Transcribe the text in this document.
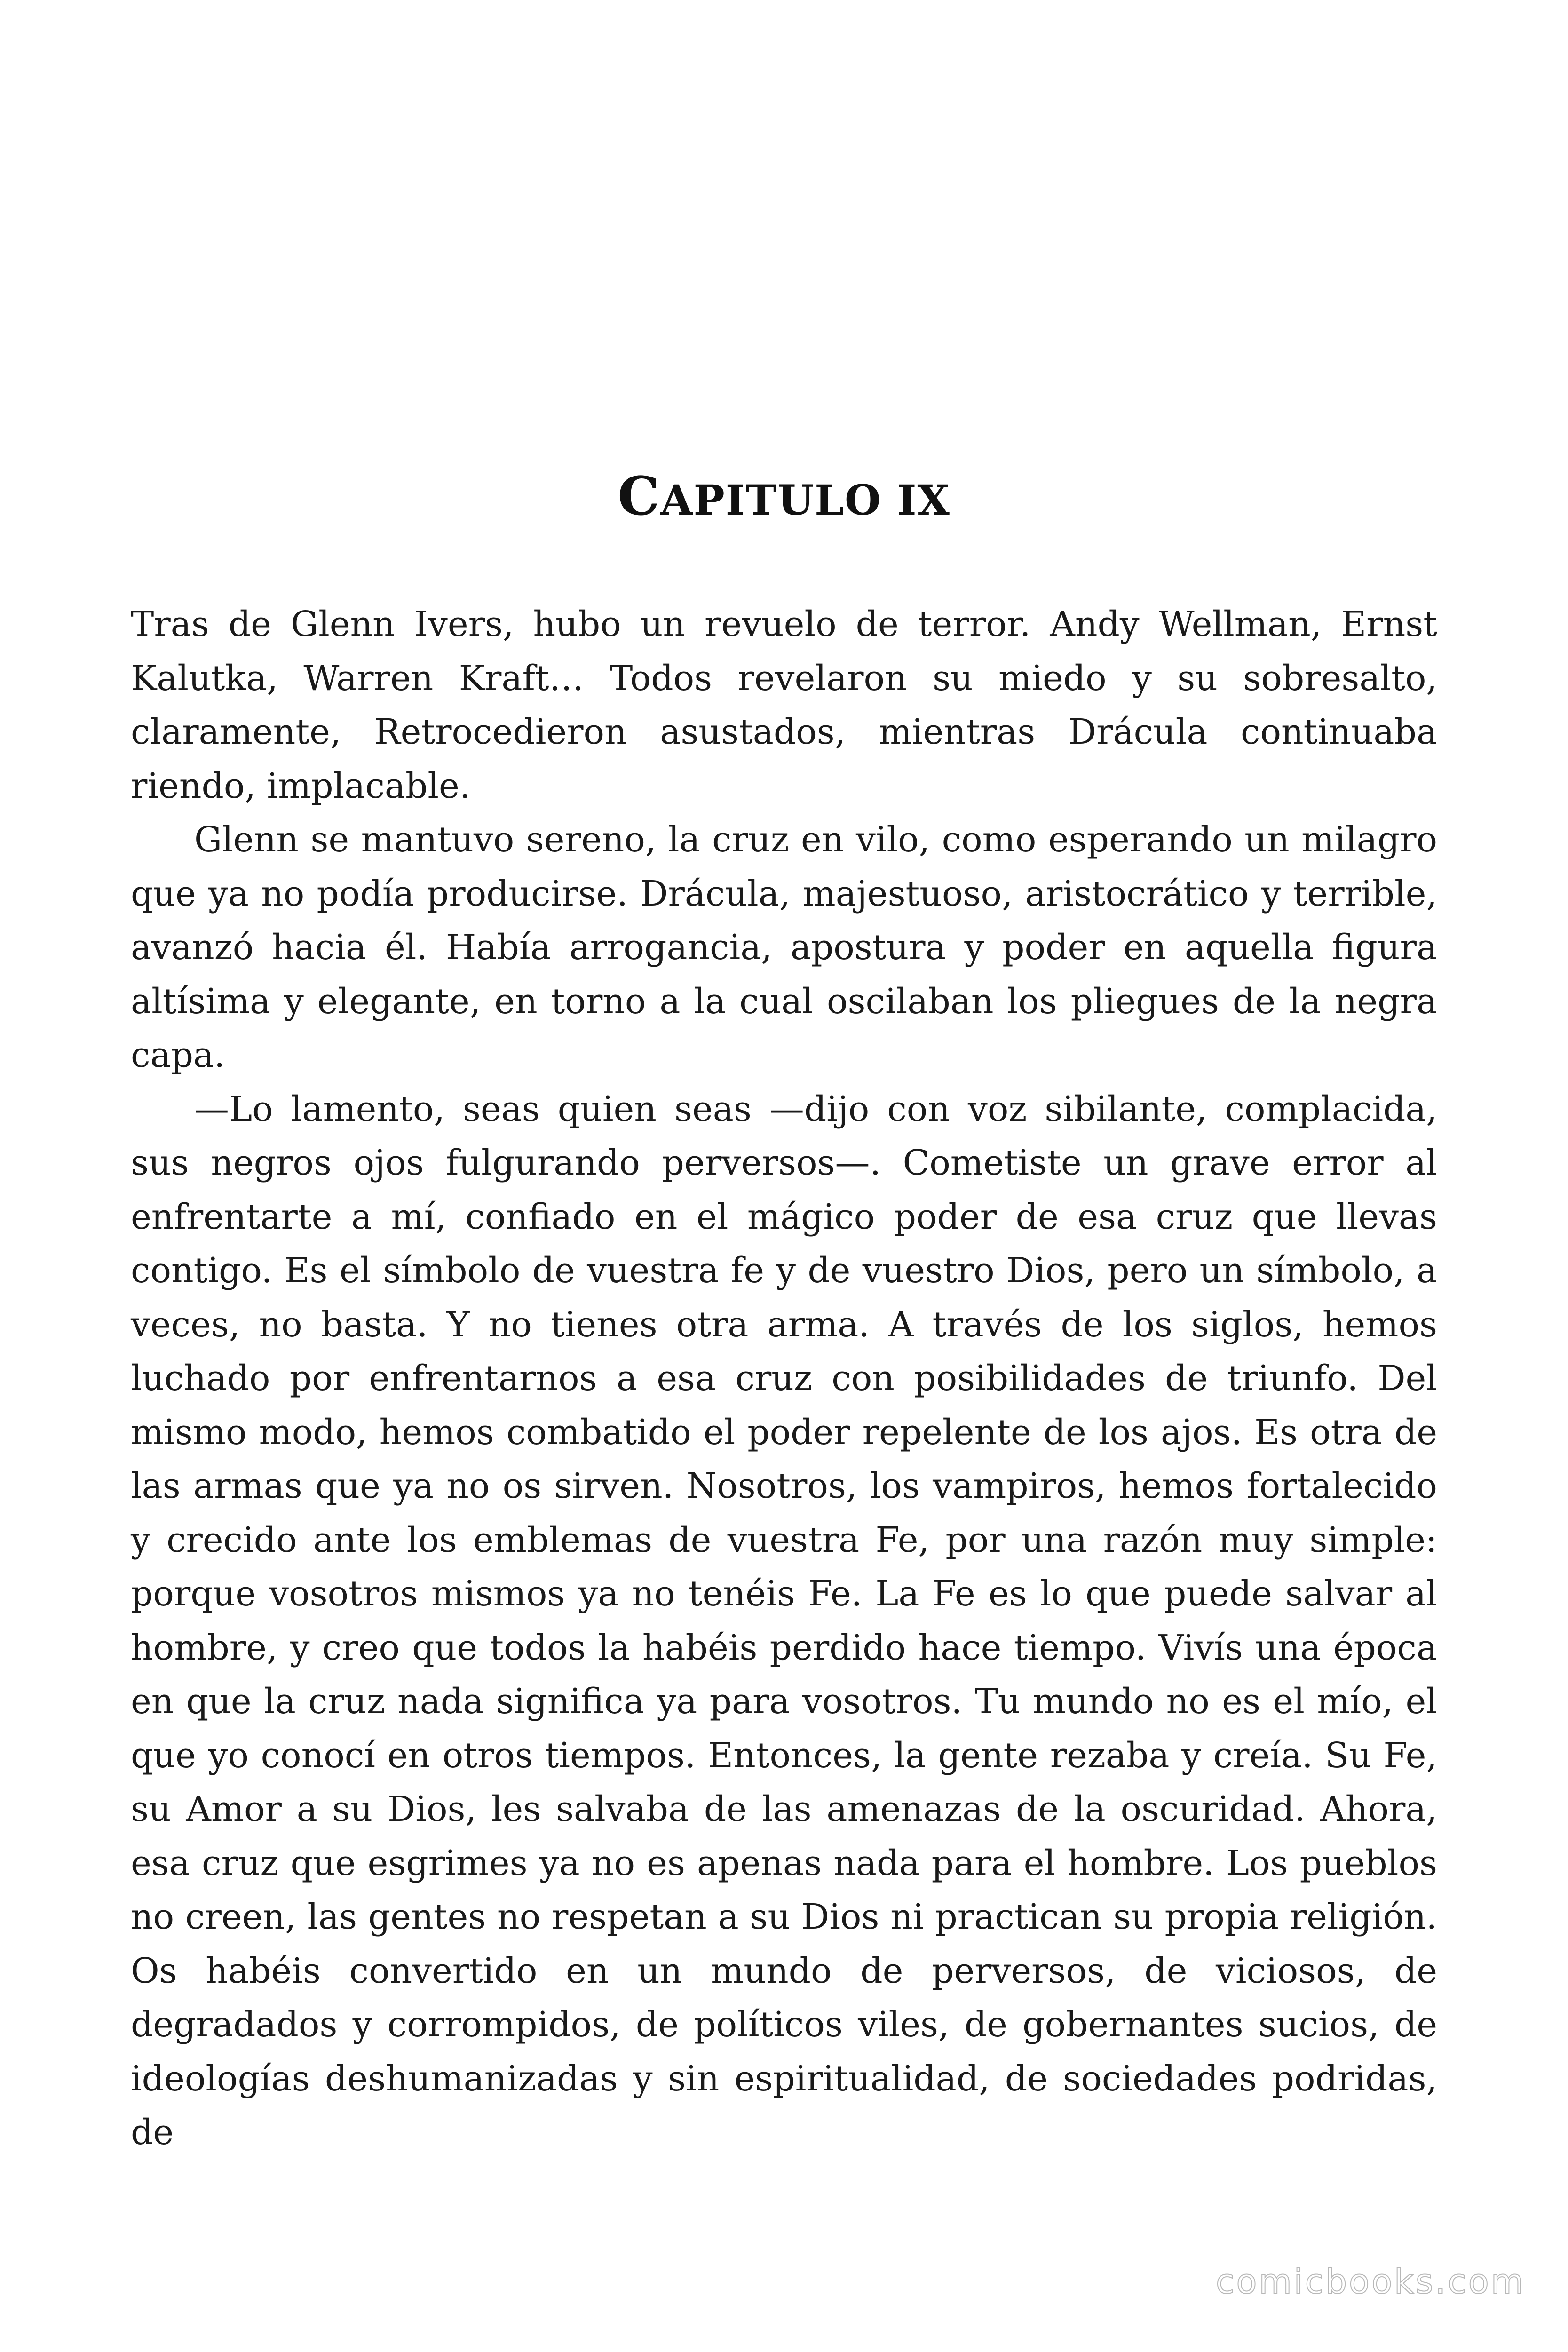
CAPITULO IX

Tras de Glenn Ivers, hubo un revuelo de terror. Andy Wellman, Ernst Kalutka, Warren Kraft… Todos revelaron su miedo y su sobresalto, claramente, Retrocedieron asustados, mientras Drácula continuaba riendo, implacable.

Glenn se mantuvo sereno, la cruz en vilo, como esperando un milagro que ya no podía producirse. Drácula, majestuoso, aristocrático y terrible, avanzó hacia él. Había arrogancia, apostura y poder en aquella figura altísima y elegante, en torno a la cual oscilaban los pliegues de la negra capa.

—Lo lamento, seas quien seas —dijo con voz sibilante, complacida, sus negros ojos fulgurando perversos—. Cometiste un grave error al enfrentarte a mí, confiado en el mágico poder de esa cruz que llevas contigo. Es el símbolo de vuestra fe y de vuestro Dios, pero un símbolo, a veces, no basta. Y no tienes otra arma. A través de los siglos, hemos luchado por enfrentarnos a esa cruz con posibilidades de triunfo. Del mismo modo, hemos combatido el poder repelente de los ajos. Es otra de las armas que ya no os sirven. Nosotros, los vampiros, hemos fortalecido y crecido ante los emblemas de vuestra Fe, por una razón muy simple: porque vosotros mismos ya no tenéis Fe. La Fe es lo que puede salvar al hombre, y creo que todos la habéis perdido hace tiempo. Vivís una época en que la cruz nada significa ya para vosotros. Tu mundo no es el mío, el que yo conocí en otros tiempos. Entonces, la gente rezaba y creía. Su Fe, su Amor a su Dios, les salvaba de las amenazas de la oscuridad. Ahora, esa cruz que esgrimes ya no es apenas nada para el hombre. Los pueblos no creen, las gentes no respetan a su Dios ni practican su propia religión. Os habéis convertido en un mundo de perversos, de viciosos, de degradados y corrompidos, de políticos viles, de gobernantes sucios, de ideologías deshumanizadas y sin espiritualidad, de sociedades podridas, de

comicbooks.com
